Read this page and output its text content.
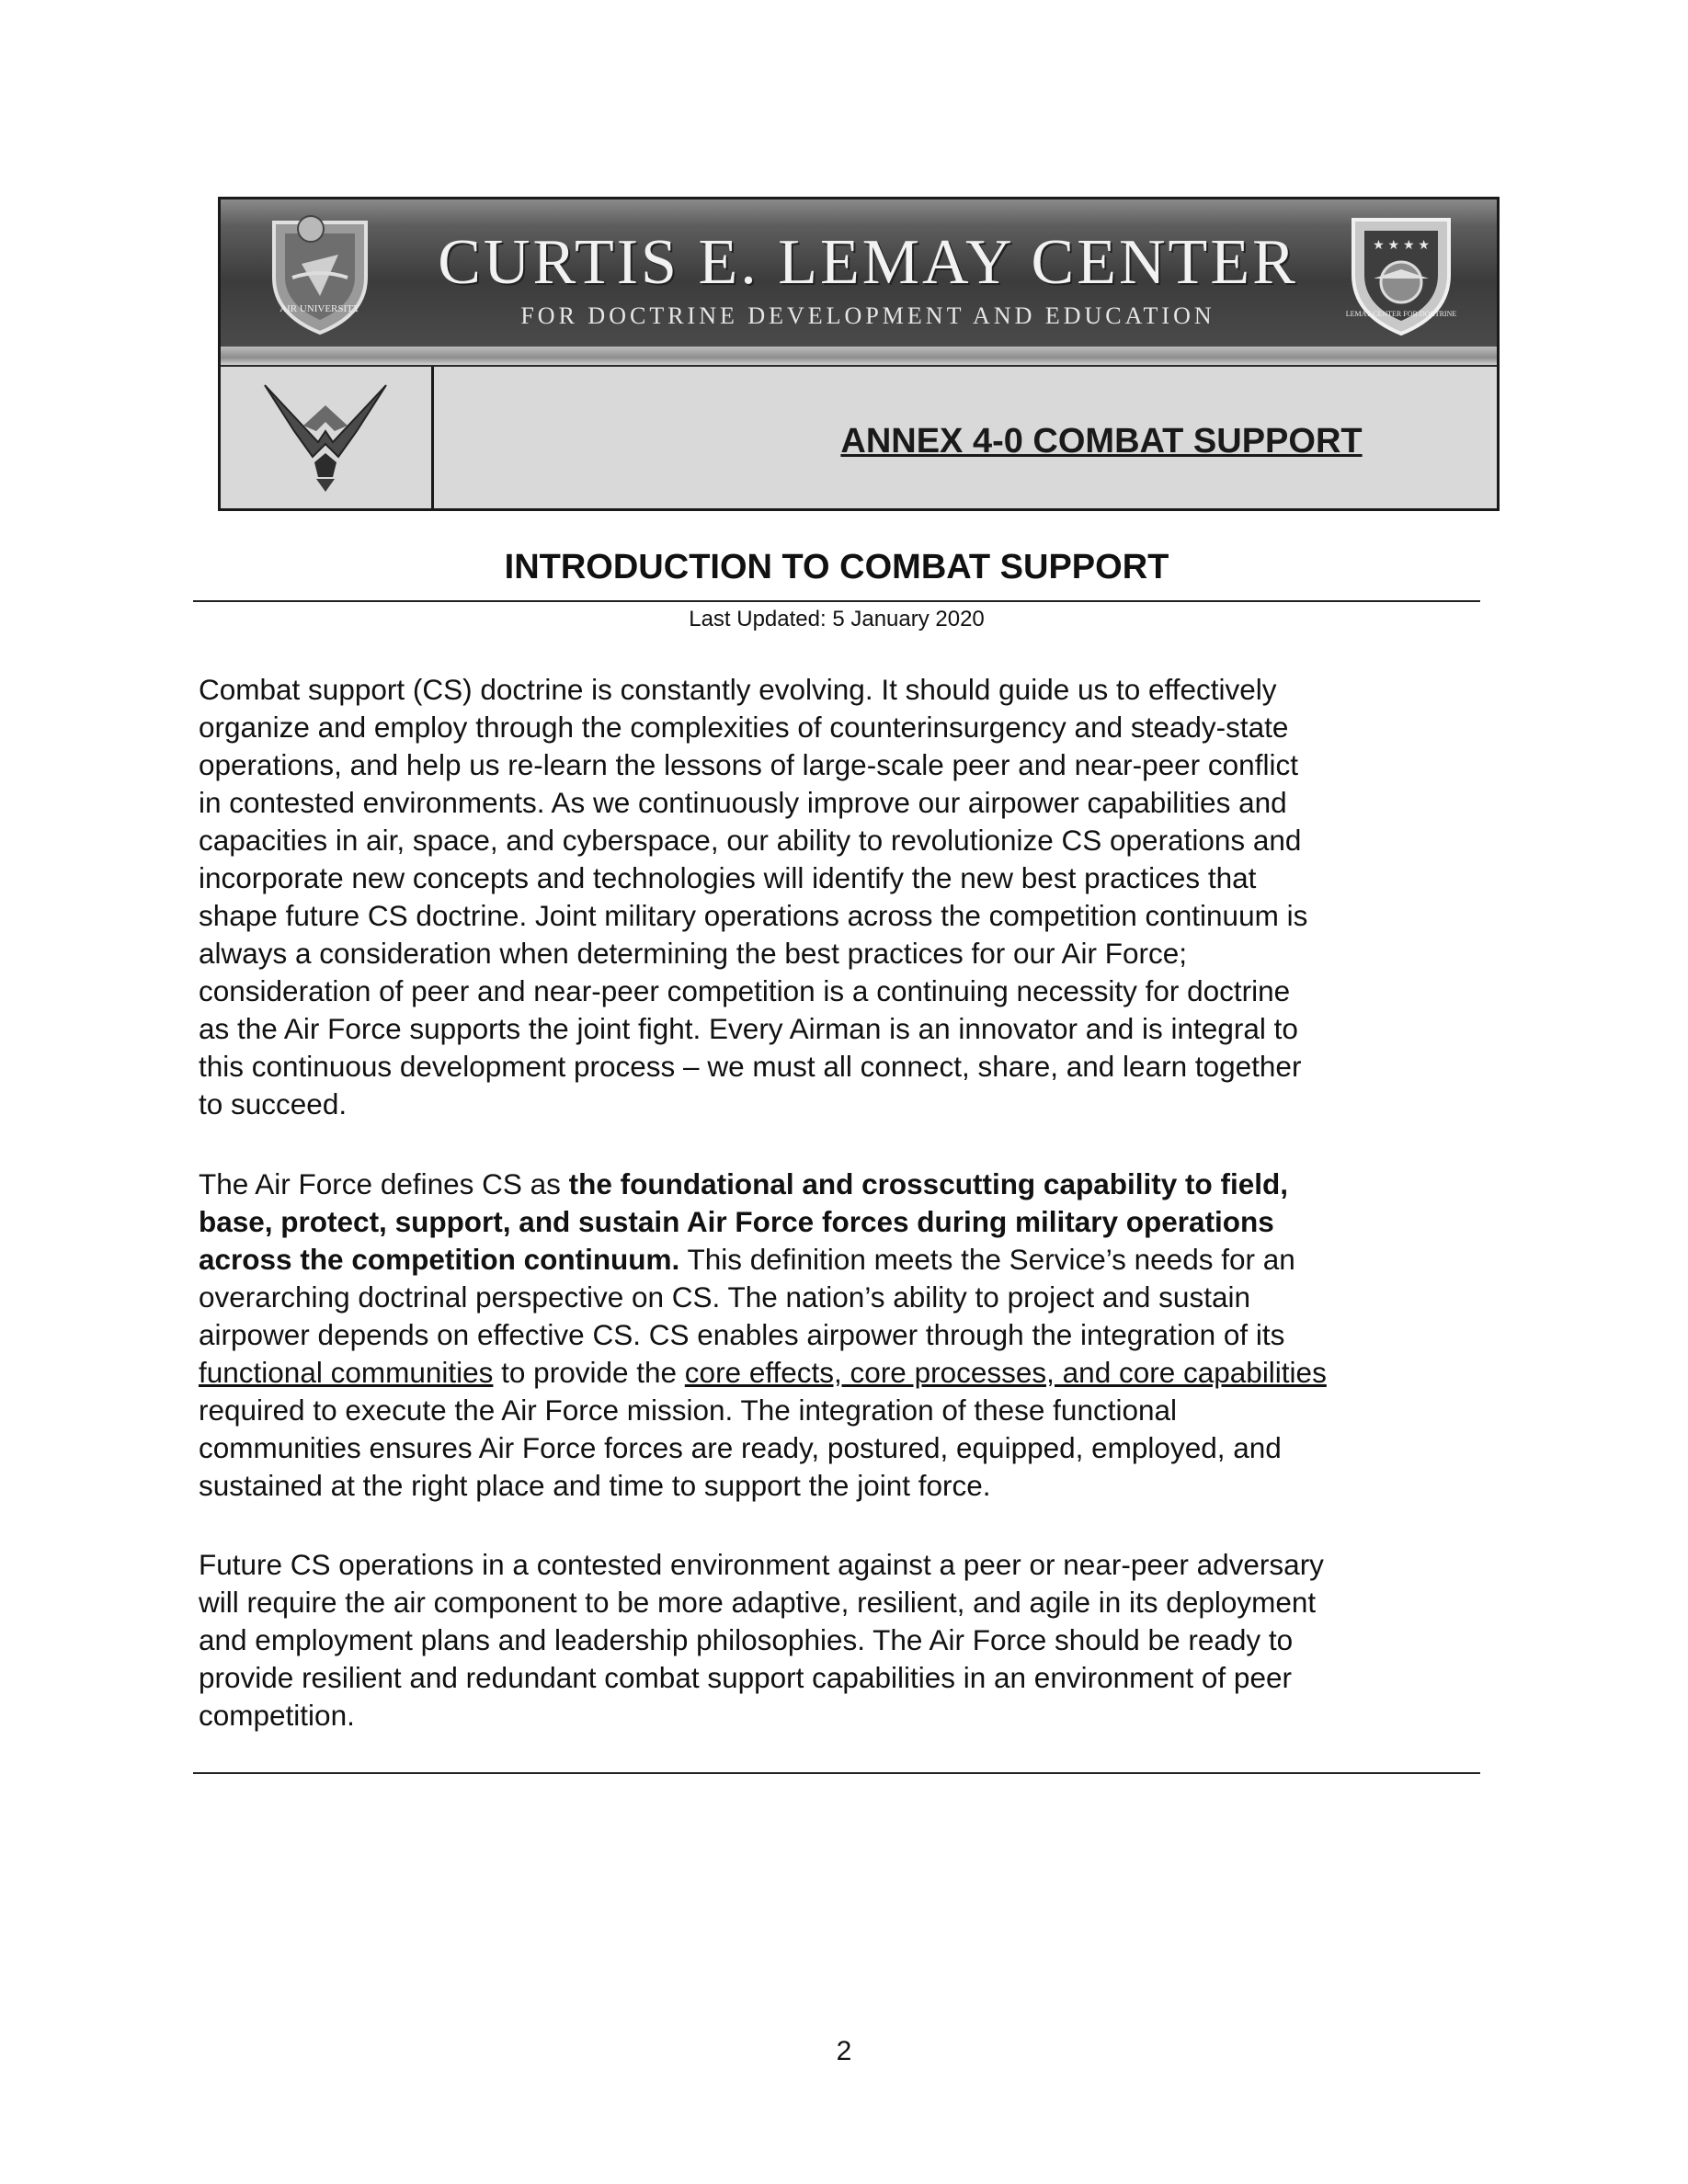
AIR UNIVERSITY
CURTIS E. LEMAY CENTER
FOR DOCTRINE DEVELOPMENT AND EDUCATION
★ ★ ★ ★
LEMAY CENTER FOR DOCTRINE
ANNEX 4-0 COMBAT SUPPORT
INTRODUCTION TO COMBAT SUPPORT
Last Updated: 5 January 2020

Combat support (CS) doctrine is constantly evolving. It should guide us to effectively
organize and employ through the complexities of counterinsurgency and steady-state
operations, and help us re-learn the lessons of large-scale peer and near-peer conflict
in contested environments. As we continuously improve our airpower capabilities and
capacities in air, space, and cyberspace, our ability to revolutionize CS operations and
incorporate new concepts and technologies will identify the new best practices that
shape future CS doctrine. Joint military operations across the competition continuum is
always a consideration when determining the best practices for our Air Force;
consideration of peer and near-peer competition is a continuing necessity for doctrine
as the Air Force supports the joint fight. Every Airman is an innovator and is integral to
this continuous development process – we must all connect, share, and learn together
to succeed.

The Air Force defines CS as the foundational and crosscutting capability to field,
base, protect, support, and sustain Air Force forces during military operations
across the competition continuum. This definition meets the Service’s needs for an
overarching doctrinal perspective on CS. The nation’s ability to project and sustain
airpower depends on effective CS. CS enables airpower through the integration of its
functional communities to provide the core effects, core processes, and core capabilities
required to execute the Air Force mission. The integration of these functional
communities ensures Air Force forces are ready, postured, equipped, employed, and
sustained at the right place and time to support the joint force.

Future CS operations in a contested environment against a peer or near-peer adversary
will require the air component to be more adaptive, resilient, and agile in its deployment
and employment plans and leadership philosophies. The Air Force should be ready to
provide resilient and redundant combat support capabilities in an environment of peer
competition.

2
